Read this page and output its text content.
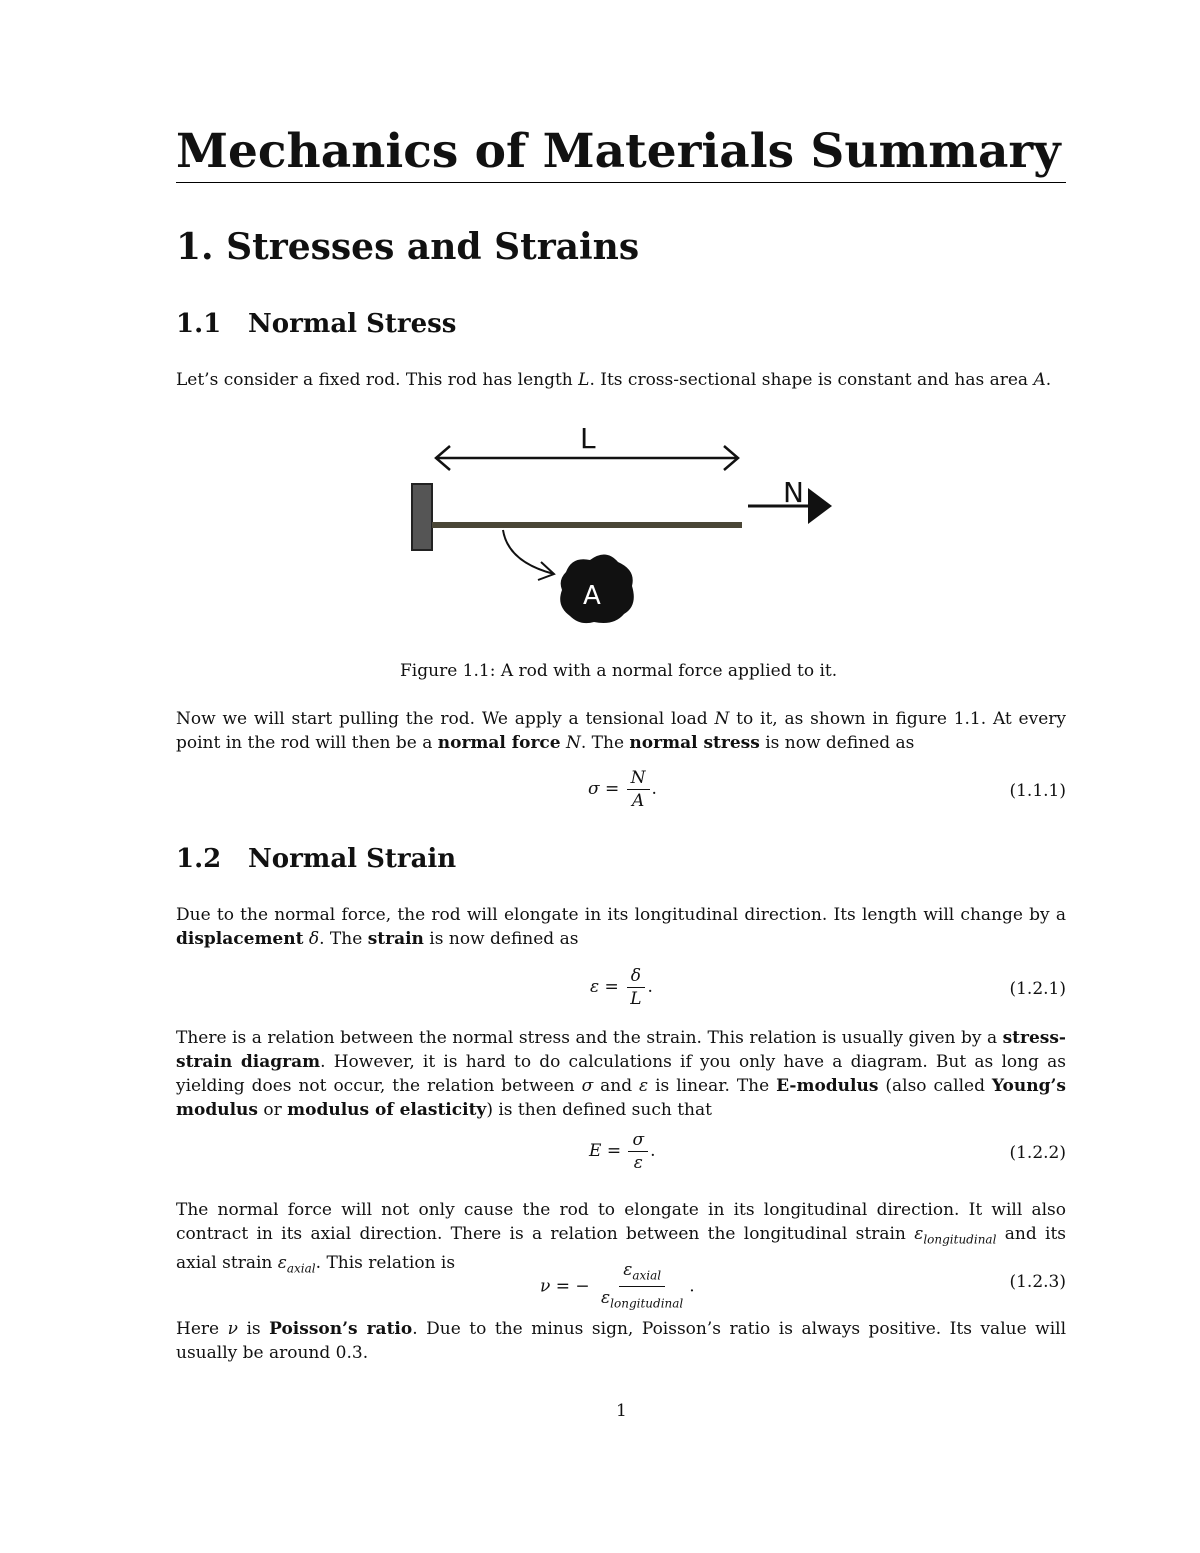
Mechanics of Materials Summary
1. Stresses and Strains
1.1 Normal Stress
Let’s consider a fixed rod. This rod has length L. Its cross-sectional shape is constant and has area A.
L
N
A
Figure 1.1: A rod with a normal force applied to it.
Now we will start pulling the rod. We apply a tensional load N to it, as shown in figure 1.1. At every point in the rod will then be a normal force N. The normal stress is now defined as
$\sigma = \frac{N}{A}$ .	(1.1.1)
1.2 Normal Strain
Due to the normal force, the rod will elongate in its longitudinal direction. Its length will change by a displacement δ. The strain is now defined as
$\varepsilon = \frac{\delta}{L}$ .	(1.2.1)
There is a relation between the normal stress and the strain. This relation is usually given by a stress-strain diagram. However, it is hard to do calculations if you only have a diagram. But as long as yielding does not occur, the relation between σ and ε is linear. The E-modulus (also called Young’s modulus or modulus of elasticity) is then defined such that
$E = \frac{\sigma}{\varepsilon}$ .	(1.2.2)
The normal force will not only cause the rod to elongate in its longitudinal direction. It will also contract in its axial direction. There is a relation between the longitudinal strain $\varepsilon_{longitudinal}$ and its axial strain $\varepsilon_{axial}$. This relation is
ν = − $\frac{\varepsilon_{axial}}{\varepsilon_{longitudinal}}$ .	(1.2.3)
Here ν is Poisson’s ratio. Due to the minus sign, Poisson’s ratio is always positive. Its value will usually be around 0.3.
1
